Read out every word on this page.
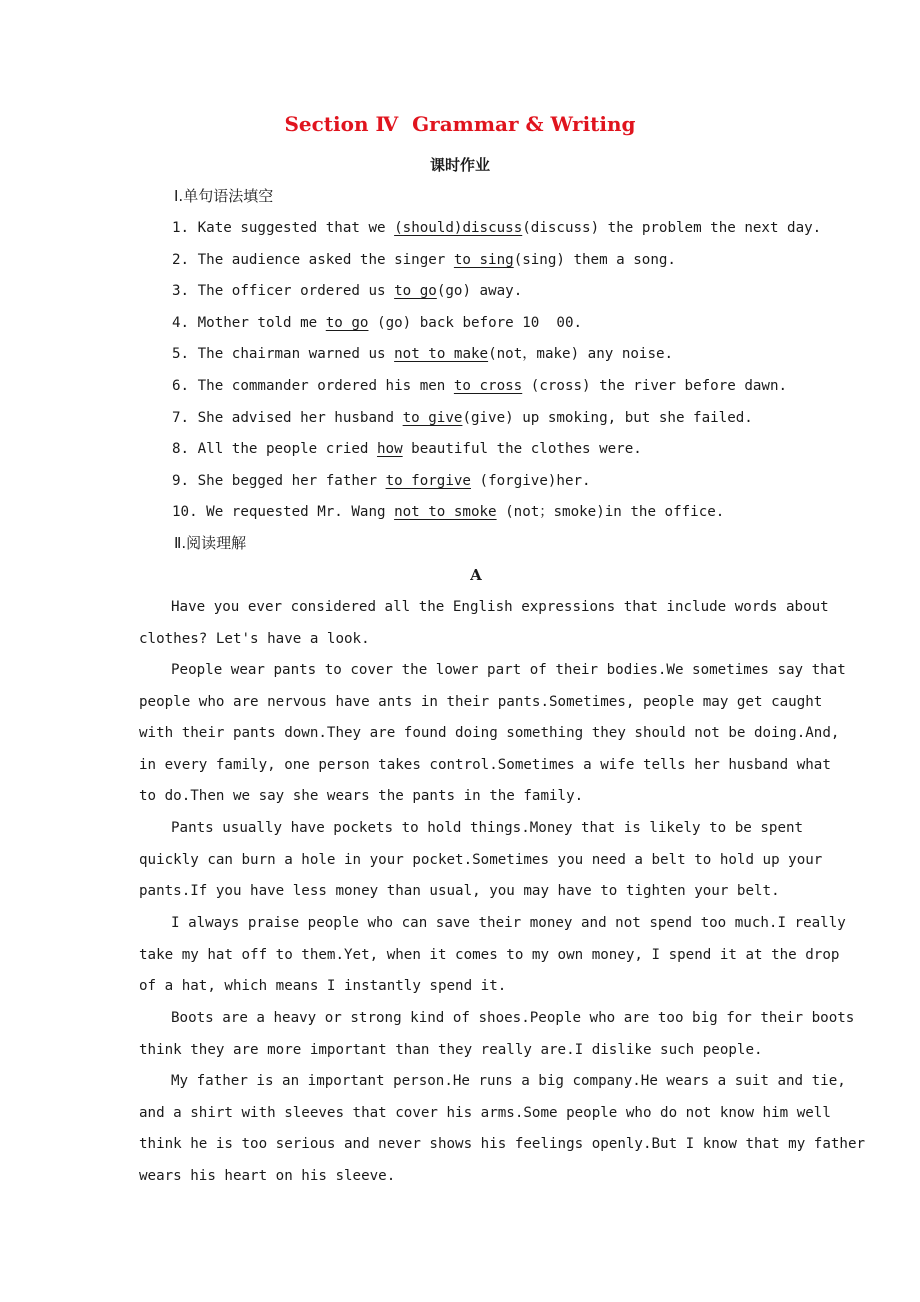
Section Ⅳ  Grammar & Writing
课时作业
Ⅰ.单句语法填空
1. Kate suggested that we (should)discuss(discuss) the problem the next day.
2. The audience asked the singer to sing(sing) them a song.
3. The officer ordered us to go(go) away.
4. Mother told me to go (go) back before 10  00.
5. The chairman warned us not to make(not，make) any noise.
6. The commander ordered his men to cross (cross) the river before dawn.
7. She advised her husband to give(give) up smoking, but she failed.
8. All the people cried how beautiful the clothes were.
9. She begged her father to forgive (forgive)her.
10. We requested Mr. Wang not to smoke (not；smoke)in the office.
Ⅱ.阅读理解
A
Have you ever considered all the English expressions that include words about
clothes? Let's have a look.
People wear pants to cover the lower part of their bodies.We sometimes say that
people who are nervous have ants in their pants.Sometimes, people may get caught
with their pants down.They are found doing something they should not be doing.And,
in every family, one person takes control.Sometimes a wife tells her husband what
to do.Then we say she wears the pants in the family.
Pants usually have pockets to hold things.Money that is likely to be spent
quickly can burn a hole in your pocket.Sometimes you need a belt to hold up your
pants.If you have less money than usual, you may have to tighten your belt.
I always praise people who can save their money and not spend too much.I really
take my hat off to them.Yet, when it comes to my own money, I spend it at the drop
of a hat, which means I instantly spend it.
Boots are a heavy or strong kind of shoes.People who are too big for their boots
think they are more important than they really are.I dislike such people.
My father is an important person.He runs a big company.He wears a suit and tie,
and a shirt with sleeves that cover his arms.Some people who do not know him well
think he is too serious and never shows his feelings openly.But I know that my father
wears his heart on his sleeve.
